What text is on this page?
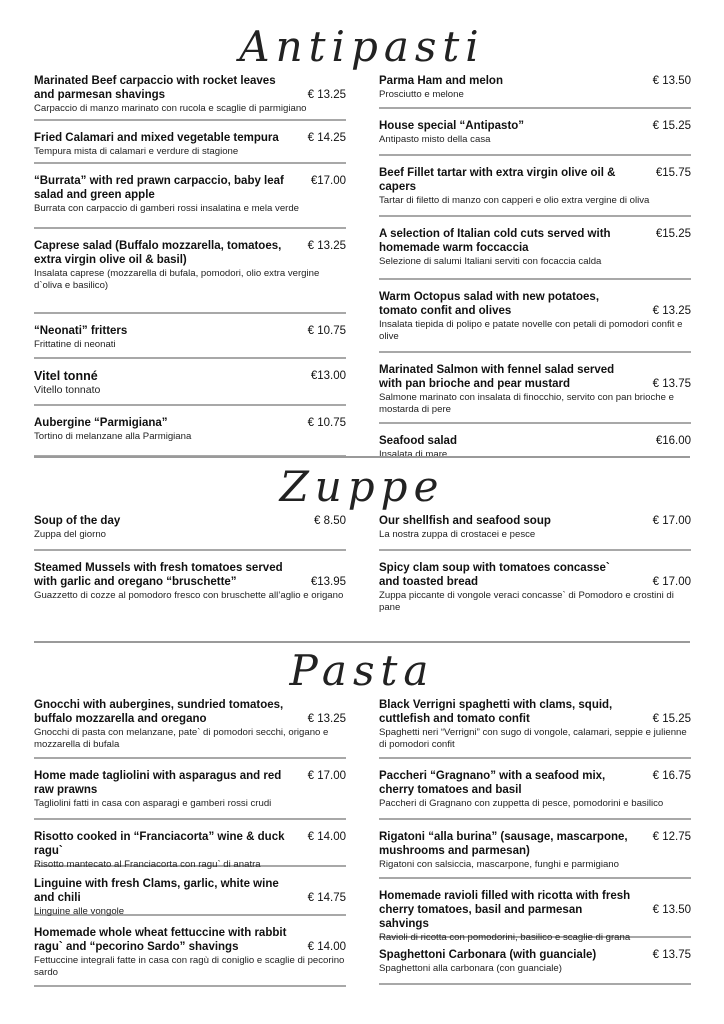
Antipasti
Marinated Beef carpaccio with rocket leaves and parmesan shavings	€ 13.25
Carpaccio di manzo marinato con rucola e scaglie di parmigiano
Fried Calamari and mixed vegetable tempura	€ 14.25
Tempura mista di calamari e verdure di stagione
“Burrata” with red prawn carpaccio, baby leaf salad and green apple
€17.00
Burrata con carpaccio di gamberi rossi insalatina e mela verde
Caprese salad (Buffalo mozzarella, tomatoes, extra virgin olive oil & basil)
€ 13.25
Insalata caprese (mozzarella di bufala, pomodori, olio extra vergine d`oliva e basilico)
“Neonati” fritters	€ 10.75
Frittatine di neonati
Vitel tonné	€13.00
Vitello tonnato
Aubergine “Parmigiana”	€ 10.75
Tortino di melanzane alla Parmigiana
Parma Ham and melon	€ 13.50
Prosciutto e melone
House special “Antipasto”	€ 15.25
Antipasto misto della casa
Beef Fillet tartar with extra virgin olive oil & capers
€15.75
Tartar di filetto di manzo con capperi e olio extra vergine di oliva
A selection of Italian cold cuts served with homemade warm foccaccia
€15.25
Selezione di salumi Italiani serviti con focaccia calda
Warm Octopus salad with new potatoes, tomato confit and olives	€ 13.25
Insalata tiepida di polipo e patate novelle con petali di pomodori confit e olive
Marinated Salmon with fennel salad served with pan brioche and pear mustard	€ 13.75
Salmone marinato con insalata di finocchio, servito con pan brioche e mostarda di pere
Seafood salad	€16.00
Insalata di mare
Zuppe
Soup of the day	€ 8.50
Zuppa del giorno
Steamed Mussels with fresh tomatoes served with garlic and oregano “bruschette”	€13.95
Guazzetto di cozze al pomodoro fresco con bruschette all’aglio e origano
Our shellfish and seafood soup	€ 17.00
La nostra zuppa di crostacei e pesce
Spicy clam soup with tomatoes concasse` and toasted bread	€ 17.00
Zuppa piccante di vongole veraci concasse` di Pomodoro e crostini di pane
Pasta
Gnocchi with aubergines, sundried tomatoes, buffalo mozzarella and oregano	€ 13.25
Gnocchi di pasta con melanzane, pate` di pomodori secchi, origano e mozzarella di bufala
Home made tagliolini with asparagus and red raw prawns
€ 17.00
Tagliolini fatti in casa con asparagi e gamberi rossi crudi
Risotto cooked in “Franciacorta” wine & duck ragu`
€ 14.00
Risotto mantecato al Franciacorta con ragu` di anatra
Linguine with fresh Clams, garlic, white wine and chili	€ 14.75
Linguine alle vongole
Homemade whole wheat fettuccine with rabbit ragu` and “pecorino Sardo” shavings	€ 14.00
Fettuccine integrali fatte in casa con ragù di coniglio e scaglie di pecorino sardo
Black Verrigni spaghetti with clams, squid, cuttlefish and tomato confit	€ 15.25
Spaghetti neri “Verrigni” con sugo di vongole, calamari, seppie e julienne di pomodori confit
Paccheri “Gragnano” with a seafood mix, cherry tomatoes and basil
€ 16.75
Paccheri di Gragnano con zuppetta di pesce, pomodorini e basilico
Rigatoni “alla burina” (sausage, mascarpone, mushrooms and parmesan)
€ 12.75
Rigatoni con salsiccia, mascarpone, funghi e parmigiano
Homemade ravioli filled with ricotta with fresh cherry tomatoes, basil and parmesan sahvings
€ 13.50
Ravioli di ricotta con pomodorini, basilico e scaglie di grana
Spaghettoni Carbonara (with guanciale)	€ 13.75
Spaghettoni alla carbonara (con guanciale)
